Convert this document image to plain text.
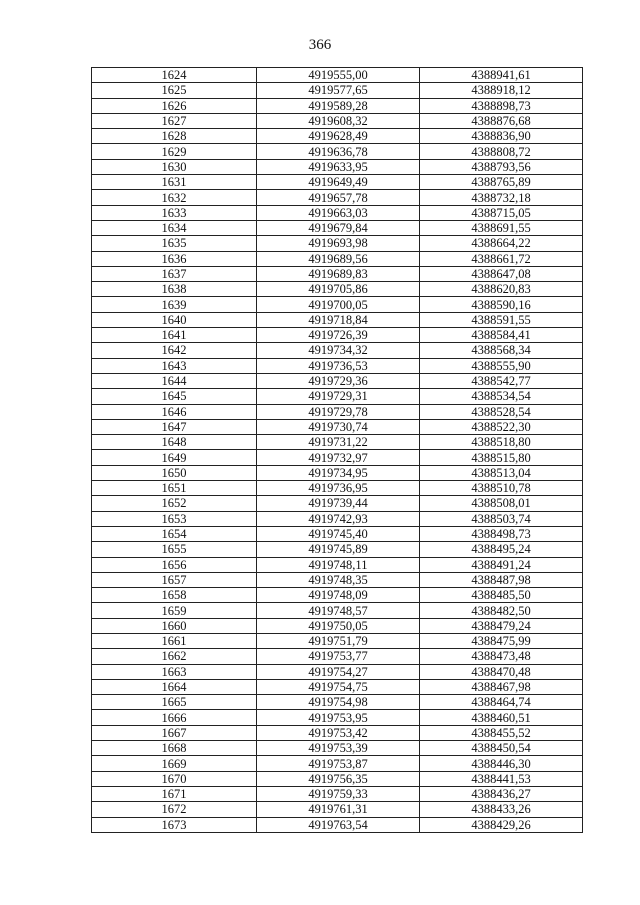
366
1624	4919555,00	4388941,61
1625	4919577,65	4388918,12
1626	4919589,28	4388898,73
1627	4919608,32	4388876,68
1628	4919628,49	4388836,90
1629	4919636,78	4388808,72
1630	4919633,95	4388793,56
1631	4919649,49	4388765,89
1632	4919657,78	4388732,18
1633	4919663,03	4388715,05
1634	4919679,84	4388691,55
1635	4919693,98	4388664,22
1636	4919689,56	4388661,72
1637	4919689,83	4388647,08
1638	4919705,86	4388620,83
1639	4919700,05	4388590,16
1640	4919718,84	4388591,55
1641	4919726,39	4388584,41
1642	4919734,32	4388568,34
1643	4919736,53	4388555,90
1644	4919729,36	4388542,77
1645	4919729,31	4388534,54
1646	4919729,78	4388528,54
1647	4919730,74	4388522,30
1648	4919731,22	4388518,80
1649	4919732,97	4388515,80
1650	4919734,95	4388513,04
1651	4919736,95	4388510,78
1652	4919739,44	4388508,01
1653	4919742,93	4388503,74
1654	4919745,40	4388498,73
1655	4919745,89	4388495,24
1656	4919748,11	4388491,24
1657	4919748,35	4388487,98
1658	4919748,09	4388485,50
1659	4919748,57	4388482,50
1660	4919750,05	4388479,24
1661	4919751,79	4388475,99
1662	4919753,77	4388473,48
1663	4919754,27	4388470,48
1664	4919754,75	4388467,98
1665	4919754,98	4388464,74
1666	4919753,95	4388460,51
1667	4919753,42	4388455,52
1668	4919753,39	4388450,54
1669	4919753,87	4388446,30
1670	4919756,35	4388441,53
1671	4919759,33	4388436,27
1672	4919761,31	4388433,26
1673	4919763,54	4388429,26
